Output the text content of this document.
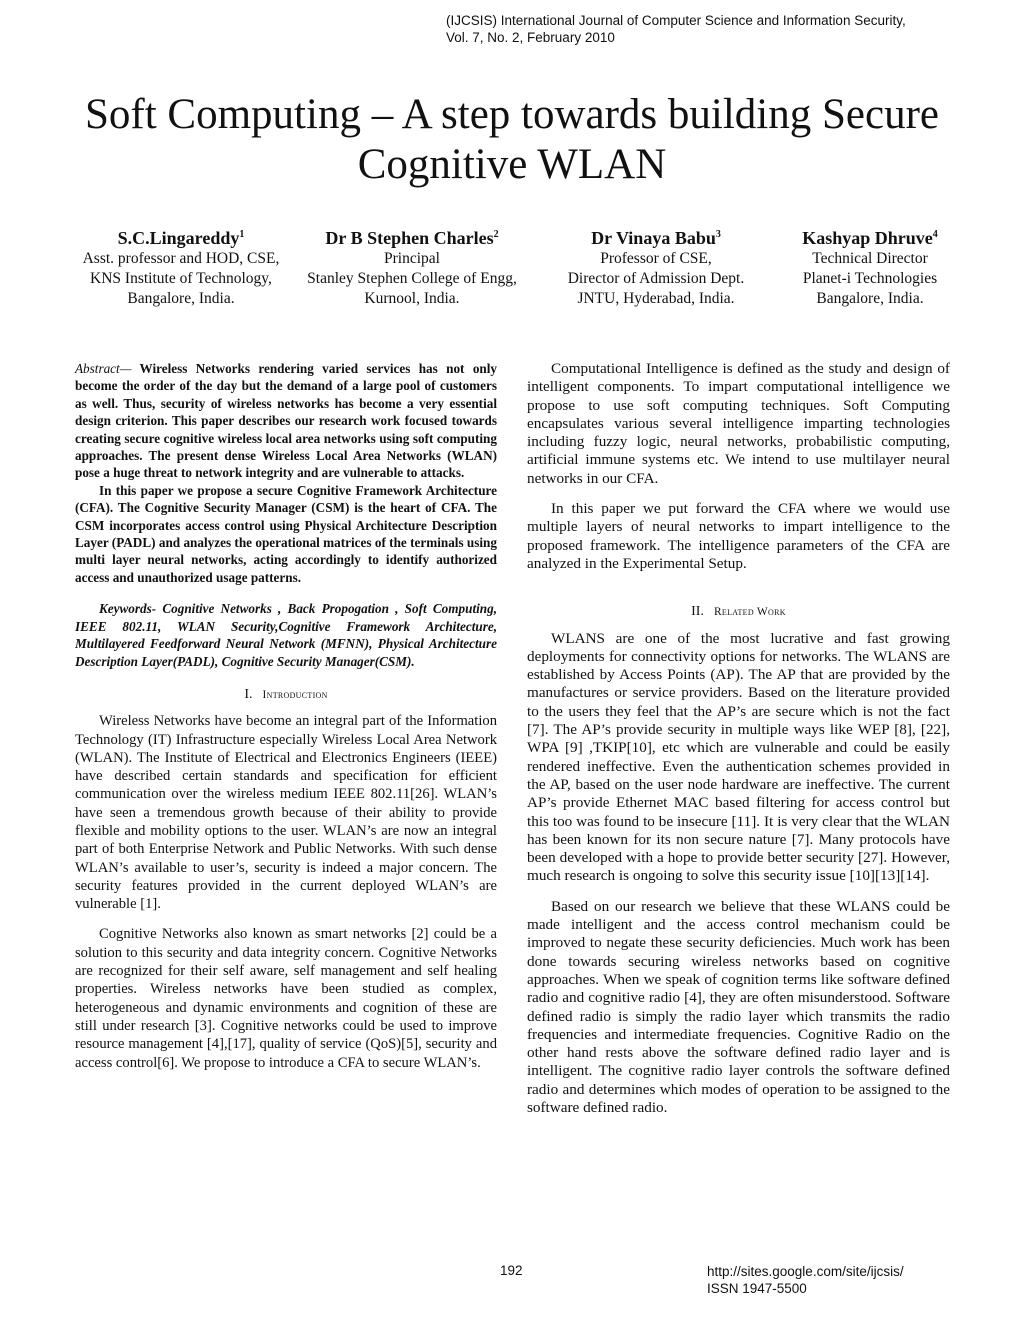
(IJCSIS) International Journal of Computer Science and Information Security,
Vol. 7, No. 2, February 2010
Soft Computing – A step towards building Secure
Cognitive WLAN
S.C.Lingareddy$^1$
Asst. professor and HOD, CSE,
KNS Institute of Technology,
Bangalore, India.
Dr B Stephen Charles$^2$
Principal
Stanley Stephen College of Engg,
Kurnool, India.
Dr Vinaya Babu$^3$
Professor of CSE,
Director of Admission Dept.
JNTU, Hyderabad, India.
Kashyap Dhruve$^4$
Technical Director
Planet-i Technologies
Bangalore, India.

Abstract— Wireless Networks rendering varied services has not only become the order of the day but the demand of a large pool of customers as well. Thus, security of wireless networks has become a very essential design criterion. This paper describes our research work focused towards creating secure cognitive wireless local area networks using soft computing approaches. The present dense Wireless Local Area Networks (WLAN) pose a huge threat to network integrity and are vulnerable to attacks.

In this paper we propose a secure Cognitive Framework Architecture (CFA). The Cognitive Security Manager (CSM) is the heart of CFA. The CSM incorporates access control using Physical Architecture Description Layer (PADL) and analyzes the operational matrices of the terminals using multi layer neural networks, acting accordingly to identify authorized access and unauthorized usage patterns.

Keywords- Cognitive Networks , Back Propogation , Soft Computing, IEEE 802.11, WLAN Security,Cognitive Framework Architecture, Multilayered Feedforward Neural Network (MFNN), Physical Architecture Description Layer(PADL), Cognitive Security Manager(CSM).

I. Introduction

Wireless Networks have become an integral part of the Information Technology (IT) Infrastructure especially Wireless Local Area Network (WLAN). The Institute of Electrical and Electronics Engineers (IEEE) have described certain standards and specification for efficient communication over the wireless medium IEEE 802.11[26]. WLAN’s have seen a tremendous growth because of their ability to provide flexible and mobility options to the user. WLAN’s are now an integral part of both Enterprise Network and Public Networks. With such dense WLAN’s available to user’s, security is indeed a major concern. The security features provided in the current deployed WLAN’s are vulnerable [1].

Cognitive Networks also known as smart networks [2] could be a solution to this security and data integrity concern. Cognitive Networks are recognized for their self aware, self management and self healing properties. Wireless networks have been studied as complex, heterogeneous and dynamic environments and cognition of these are still under research [3]. Cognitive networks could be used to improve resource management [4],[17], quality of service (QoS)[5], security and access control[6]. We propose to introduce a CFA to secure WLAN’s.

Computational Intelligence is defined as the study and design of intelligent components. To impart computational intelligence we propose to use soft computing techniques. Soft Computing encapsulates various several intelligence imparting technologies including fuzzy logic, neural networks, probabilistic computing, artificial immune systems etc. We intend to use multilayer neural networks in our CFA.

In this paper we put forward the CFA where we would use multiple layers of neural networks to impart intelligence to the proposed framework. The intelligence parameters of the CFA are analyzed in the Experimental Setup.

II. Related Work

WLANS are one of the most lucrative and fast growing deployments for connectivity options for networks. The WLANS are established by Access Points (AP). The AP that are provided by the manufactures or service providers. Based on the literature provided to the users they feel that the AP’s are secure which is not the fact [7]. The AP’s provide security in multiple ways like WEP [8], [22], WPA [9] ,TKIP[10], etc which are vulnerable and could be easily rendered ineffective. Even the authentication schemes provided in the AP, based on the user node hardware are ineffective. The current AP’s provide Ethernet MAC based filtering for access control but this too was found to be insecure [11]. It is very clear that the WLAN has been known for its non secure nature [7]. Many protocols have been developed with a hope to provide better security [27]. However, much research is ongoing to solve this security issue [10][13][14].

Based on our research we believe that these WLANS could be made intelligent and the access control mechanism could be improved to negate these security deficiencies. Much work has been done towards securing wireless networks based on cognitive approaches. When we speak of cognition terms like software defined radio and cognitive radio [4], they are often misunderstood. Software defined radio is simply the radio layer which transmits the radio frequencies and intermediate frequencies. Cognitive Radio on the other hand rests above the software defined radio layer and is intelligent. The cognitive radio layer controls the software defined radio and determines which modes of operation to be assigned to the software defined radio.

192	http://sites.google.com/site/ijcsis/
ISSN 1947-5500
